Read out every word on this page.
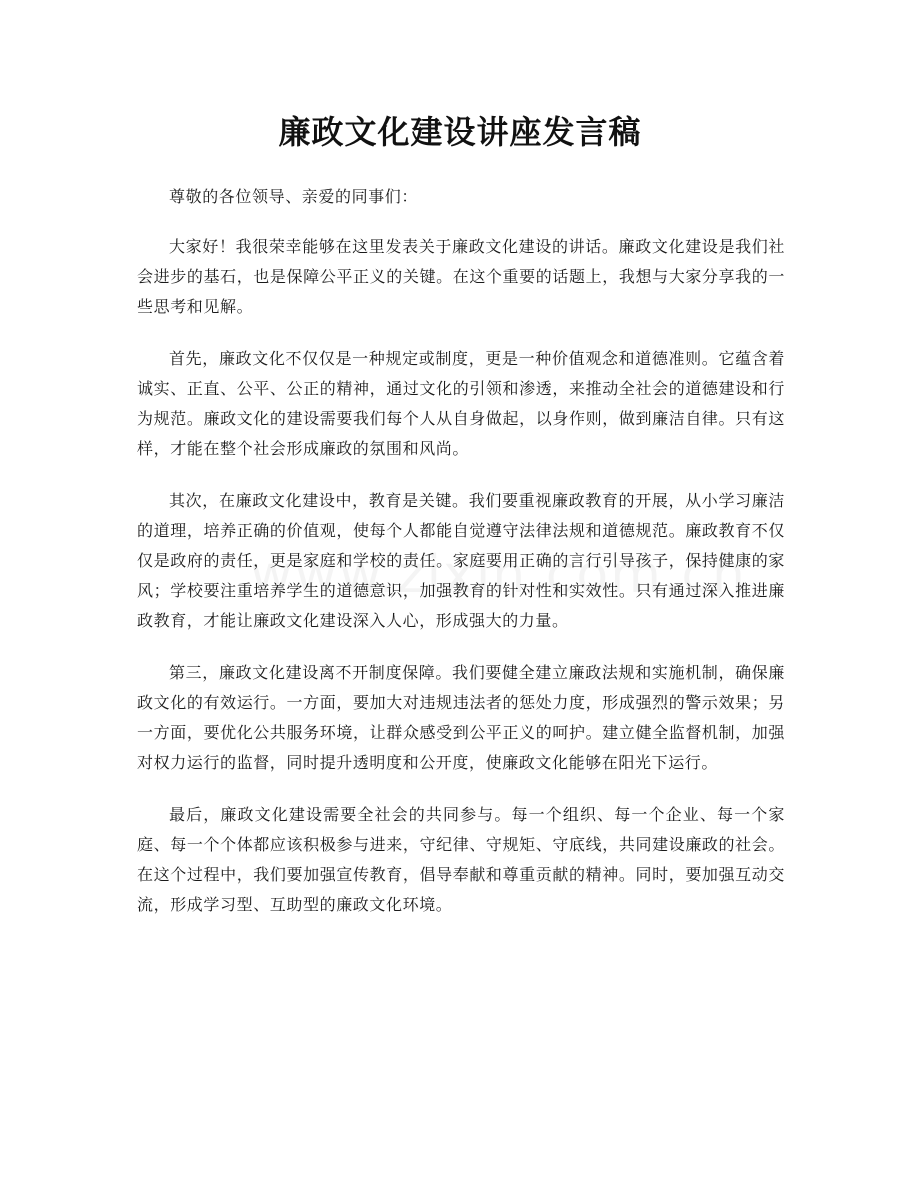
廉政文化建设讲座发言稿

尊敬的各位领导、亲爱的同事们：

大家好！我很荣幸能够在这里发表关于廉政文化建设的讲话。廉政文化建设是我们社会进步的基石，也是保障公平正义的关键。在这个重要的话题上，我想与大家分享我的一些思考和见解。

首先，廉政文化不仅仅是一种规定或制度，更是一种价值观念和道德准则。它蕴含着诚实、正直、公平、公正的精神，通过文化的引领和渗透，来推动全社会的道德建设和行为规范。廉政文化的建设需要我们每个人从自身做起，以身作则，做到廉洁自律。只有这样，才能在整个社会形成廉政的氛围和风尚。

其次，在廉政文化建设中，教育是关键。我们要重视廉政教育的开展，从小学习廉洁的道理，培养正确的价值观，使每个人都能自觉遵守法律法规和道德规范。廉政教育不仅仅是政府的责任，更是家庭和学校的责任。家庭要用正确的言行引导孩子，保持健康的家风；学校要注重培养学生的道德意识，加强教育的针对性和实效性。只有通过深入推进廉政教育，才能让廉政文化建设深入人心，形成强大的力量。

第三，廉政文化建设离不开制度保障。我们要健全建立廉政法规和实施机制，确保廉政文化的有效运行。一方面，要加大对违规违法者的惩处力度，形成强烈的警示效果；另一方面，要优化公共服务环境，让群众感受到公平正义的呵护。建立健全监督机制，加强对权力运行的监督，同时提升透明度和公开度，使廉政文化能够在阳光下运行。

最后，廉政文化建设需要全社会的共同参与。每一个组织、每一个企业、每一个家庭、每一个个体都应该积极参与进来，守纪律、守规矩、守底线，共同建设廉政的社会。在这个过程中，我们要加强宣传教育，倡导奉献和尊重贡献的精神。同时，要加强互动交流，形成学习型、互助型的廉政文化环境。
